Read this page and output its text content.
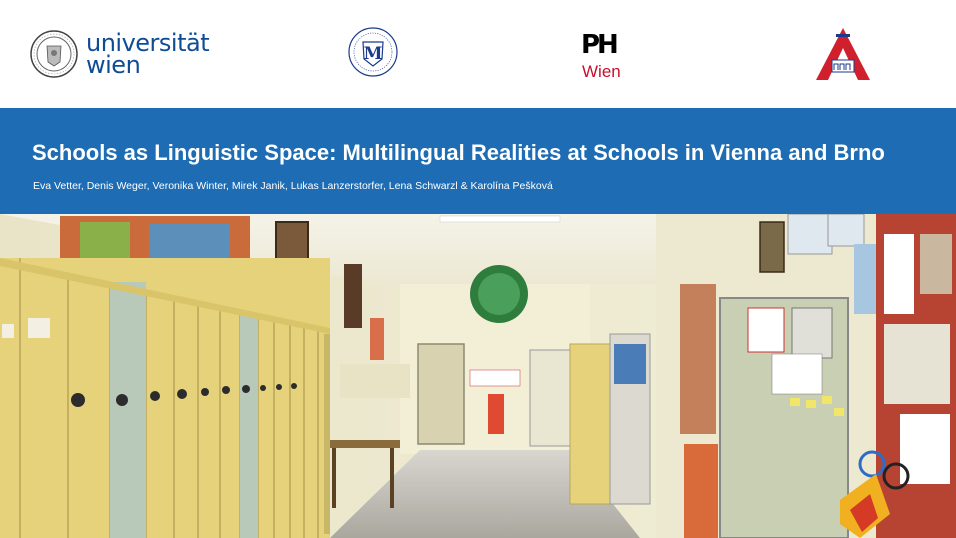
universität
wien	M	PH
Wien
Schools as Linguistic Space: Multilingual Realities at Schools in Vienna and Brno
Eva Vetter, Denis Weger, Veronika Winter, Mirek Janik, Lukas Lanzerstorfer, Lena Schwarzl & Karolína Pešková
